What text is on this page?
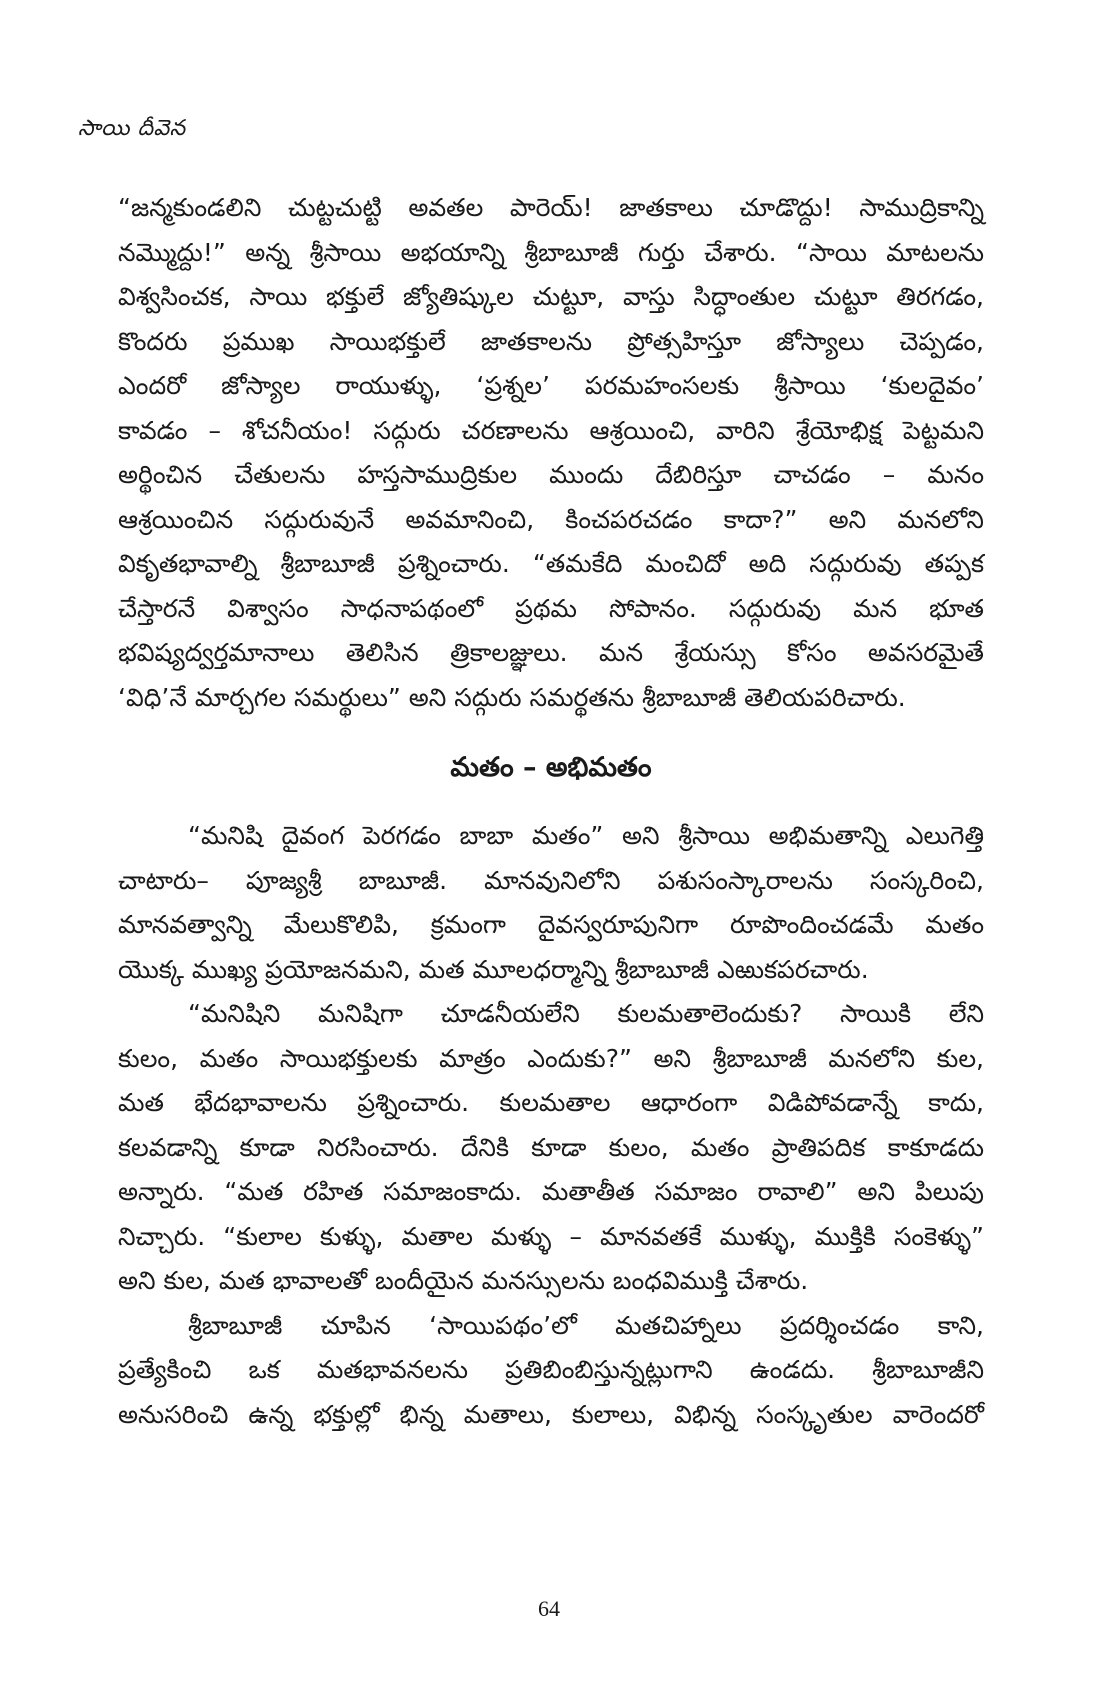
సాయి దీవెన

“జన్మకుండలిని చుట్టచుట్టి అవతల పారెయ్! జాతకాలు చూడొద్దు! సాముద్రికాన్ని
నమ్మొద్దు!” అన్న శ్రీసాయి అభయాన్ని శ్రీబాబూజీ గుర్తు చేశారు. “సాయి మాటలను
విశ్వసించక, సాయి భక్తులే జ్యోతిష్కుల చుట్టూ, వాస్తు సిద్ధాంతుల చుట్టూ తిరగడం,
కొందరు ప్రముఖ సాయిభక్తులే జాతకాలను ప్రోత్సహిస్తూ జోస్యాలు చెప్పడం,
ఎందరో జోస్యాల రాయుళ్ళు, ‘ప్రశ్నల’ పరమహంసలకు శ్రీసాయి ‘కులదైవం’
కావడం – శోచనీయం! సద్గురు చరణాలను ఆశ్రయించి, వారిని శ్రేయోభిక్ష పెట్టమని
అర్థించిన చేతులను హస్తసాముద్రికుల ముందు దేబిరిస్తూ చాచడం – మనం
ఆశ్రయించిన సద్గురువునే అవమానించి, కించపరచడం కాదా?” అని మనలోని
వికృతభావాల్ని శ్రీబాబూజీ ప్రశ్నించారు. “తమకేది మంచిదో అది సద్గురువు తప్పక
చేస్తారనే విశ్వాసం సాధనాపథంలో ప్రథమ సోపానం. సద్గురువు మన భూత
భవిష్యద్వర్తమానాలు తెలిసిన త్రికాలజ్ఞులు. మన శ్రేయస్సు కోసం అవసరమైతే
‘విధి’నే మార్చగల సమర్థులు” అని సద్గురు సమర్థతను శ్రీబాబూజీ తెలియపరిచారు.

మతం – అభిమతం

“మనిషి దైవంగ పెరగడం బాబా మతం” అని శ్రీసాయి అభిమతాన్ని ఎలుగెత్తి
చాటారు– పూజ్యశ్రీ బాబూజీ. మానవునిలోని పశుసంస్కారాలను సంస్కరించి,
మానవత్వాన్ని మేలుకొలిపి, క్రమంగా దైవస్వరూపునిగా రూపొందించడమే మతం
యొక్క ముఖ్య ప్రయోజనమని, మత మూలధర్మాన్ని శ్రీబాబూజీ ఎఱుకపరచారు.

“మనిషిని మనిషిగా చూడనీయలేని కులమతాలెందుకు? సాయికి లేని
కులం, మతం సాయిభక్తులకు మాత్రం ఎందుకు?” అని శ్రీబాబూజీ మనలోని కుల,
మత భేదభావాలను ప్రశ్నించారు. కులమతాల ఆధారంగా విడిపోవడాన్నే కాదు,
కలవడాన్ని కూడా నిరసించారు. దేనికి కూడా కులం, మతం ప్రాతిపదిక కాకూడదు
అన్నారు. “మత రహిత సమాజంకాదు. మతాతీత సమాజం రావాలి” అని పిలుపు
నిచ్చారు. “కులాల కుళ్ళు, మతాల మళ్ళు – మానవతకే ముళ్ళు, ముక్తికి సంకెళ్ళు”
అని కుల, మత భావాలతో బందీయైన మనస్సులను బంధవిముక్తి చేశారు.

శ్రీబాబూజీ చూపిన ‘సాయిపథం’లో మతచిహ్నాలు ప్రదర్శించడం కాని,
ప్రత్యేకించి ఒక మతభావనలను ప్రతిబింబిస్తున్నట్లుగాని ఉండదు. శ్రీబాబూజీని
అనుసరించి ఉన్న భక్తుల్లో భిన్న మతాలు, కులాలు, విభిన్న సంస్కృతుల వారెందరో

64
